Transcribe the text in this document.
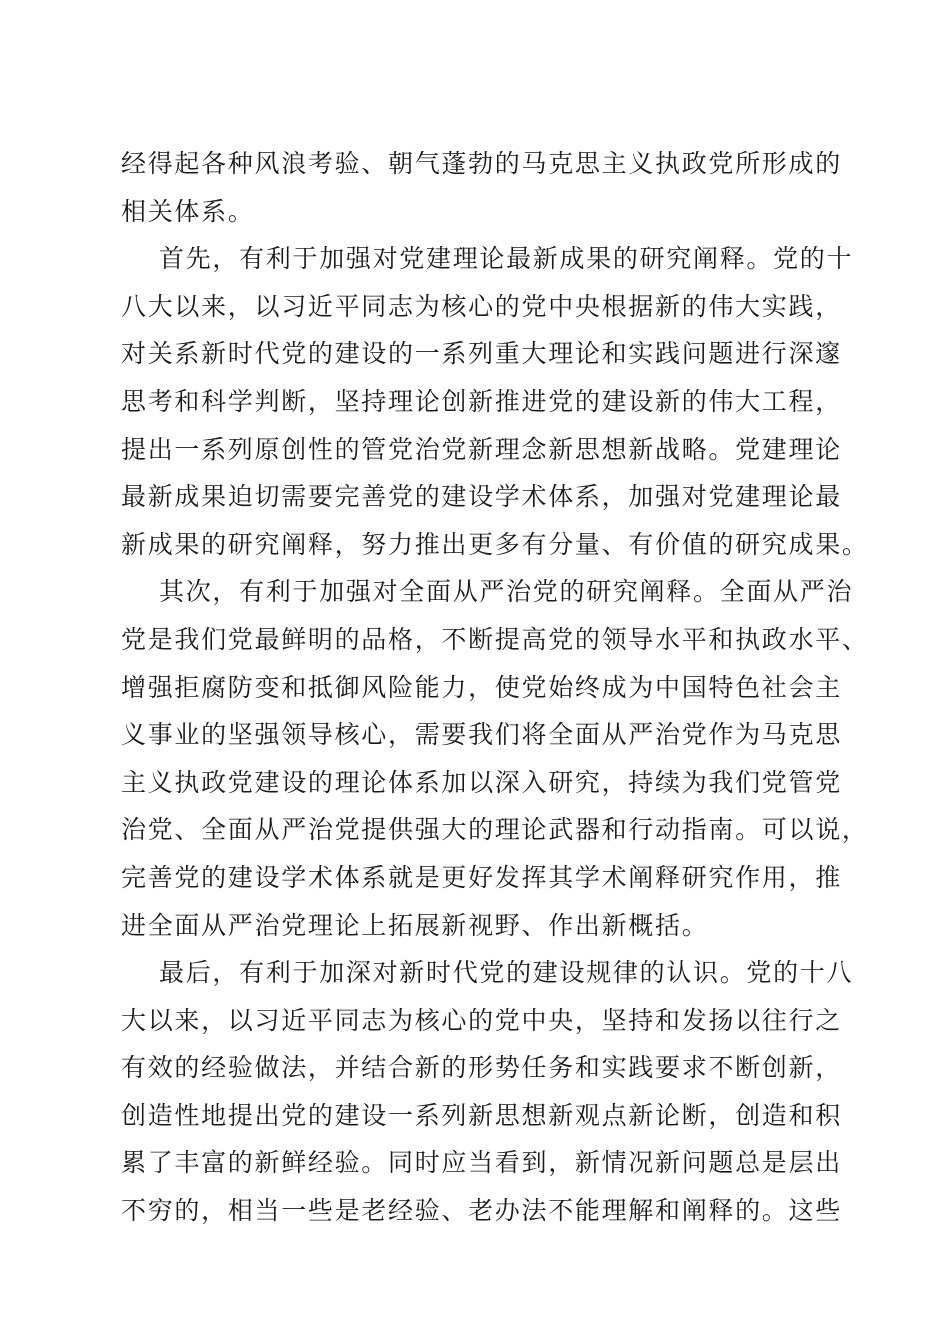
经得起各种风浪考验、朝气蓬勃的马克思主义执政党所形成的
相关体系。
首先，有利于加强对党建理论最新成果的研究阐释。党的十
八大以来，以习近平同志为核心的党中央根据新的伟大实践，
对关系新时代党的建设的一系列重大理论和实践问题进行深邃
思考和科学判断，坚持理论创新推进党的建设新的伟大工程，
提出一系列原创性的管党治党新理念新思想新战略。党建理论
最新成果迫切需要完善党的建设学术体系，加强对党建理论最
新成果的研究阐释，努力推出更多有分量、有价值的研究成果。
其次，有利于加强对全面从严治党的研究阐释。全面从严治
党是我们党最鲜明的品格，不断提高党的领导水平和执政水平、
增强拒腐防变和抵御风险能力，使党始终成为中国特色社会主
义事业的坚强领导核心，需要我们将全面从严治党作为马克思
主义执政党建设的理论体系加以深入研究，持续为我们党管党
治党、全面从严治党提供强大的理论武器和行动指南。可以说，
完善党的建设学术体系就是更好发挥其学术阐释研究作用，推
进全面从严治党理论上拓展新视野、作出新概括。
最后，有利于加深对新时代党的建设规律的认识。党的十八
大以来，以习近平同志为核心的党中央，坚持和发扬以往行之
有效的经验做法，并结合新的形势任务和实践要求不断创新，
创造性地提出党的建设一系列新思想新观点新论断，创造和积
累了丰富的新鲜经验。同时应当看到，新情况新问题总是层出
不穷的，相当一些是老经验、老办法不能理解和阐释的。这些
